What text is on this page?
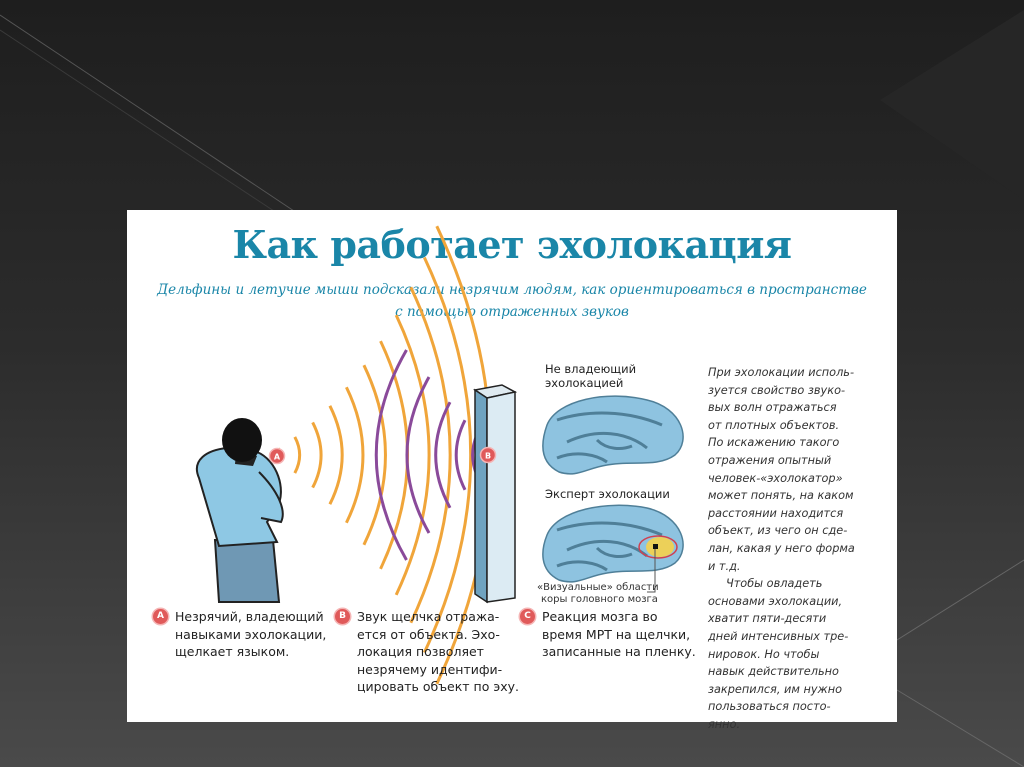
Как работает эхолокация
Дельфины и летучие мыши подсказали незрячим людям, как ориентироваться в пространстве
с помощью отраженных звуков
A	B
Не владеющий
эхолокацией
Эксперт эхолокации
«Визуальные» области
коры головного мозга
При эхолокации исполь-
зуется свойство звуко-
вых волн отражаться
от плотных объектов.
По искажению такого
отражения опытный
человек-«эхолокатор»
может понять, на каком
расстоянии находится
объект, из чего он сде-
лан, какая у него форма
и т.д.
Чтобы овладеть
основами эхолокации,
хватит пяти-десяти
дней интенсивных тре-
нировок. Но чтобы
навык действительно
закрепился, им нужно
пользоваться посто-
янно.
A Незрячий, владеющий
навыками эхолокации,
щелкает языком.
B Звук щелчка отража-
ется от объекта. Эхо-
локация позволяет
незрячему идентифи-
цировать объект по эху.
C Реакция мозга во
время МРТ на щелчки,
записанные на пленку.
